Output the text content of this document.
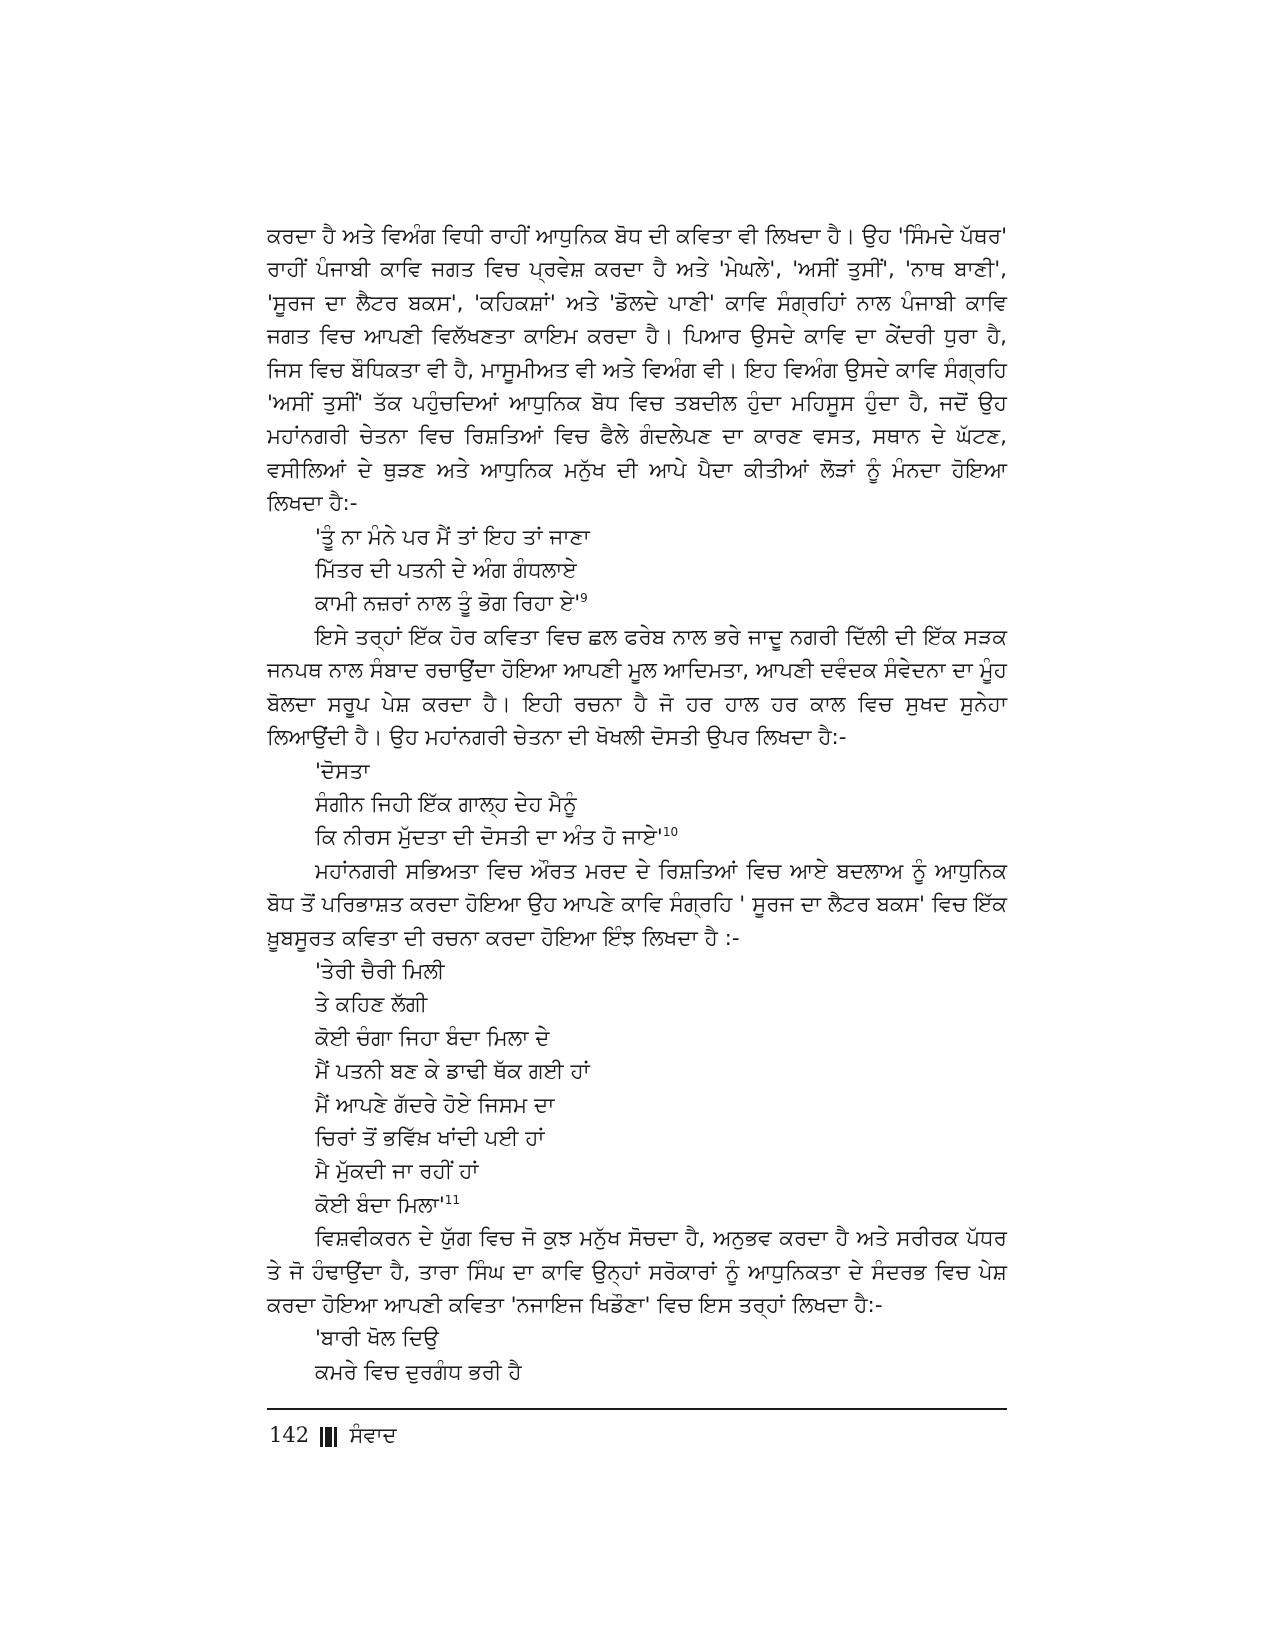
ਕਰਦਾ ਹੈ ਅਤੇ ਵਿਅੰਗ ਵਿਧੀ ਰਾਹੀਂ ਆਧੁਨਿਕ ਬੋਧ ਦੀ ਕਵਿਤਾ ਵੀ ਲਿਖਦਾ ਹੈ। ਉਹ 'ਸਿੰਮਦੇ ਪੱਥਰ' ਰਾਹੀਂ ਪੰਜਾਬੀ ਕਾਵਿ ਜਗਤ ਵਿਚ ਪ੍ਰਵੇਸ਼ ਕਰਦਾ ਹੈ ਅਤੇ 'ਮੇਘਲੇ', 'ਅਸੀਂ ਤੁਸੀਂ', 'ਨਾਥ ਬਾਣੀ', 'ਸੂਰਜ ਦਾ ਲੈਟਰ ਬਕਸ', 'ਕਹਿਕਸ਼ਾਂ' ਅਤੇ 'ਡੋਲਦੇ ਪਾਣੀ' ਕਾਵਿ ਸੰਗ੍ਰਹਿਾਂ ਨਾਲ ਪੰਜਾਬੀ ਕਾਵਿ ਜਗਤ ਵਿਚ ਆਪਣੀ ਵਿਲੱਖਣਤਾ ਕਾਇਮ ਕਰਦਾ ਹੈ। ਪਿਆਰ ਉਸਦੇ ਕਾਵਿ ਦਾ ਕੇਂਦਰੀ ਧੁਰਾ ਹੈ, ਜਿਸ ਵਿਚ ਬੌਧਿਕਤਾ ਵੀ ਹੈ, ਮਾਸੂਮੀਅਤ ਵੀ ਅਤੇ ਵਿਅੰਗ ਵੀ। ਇਹ ਵਿਅੰਗ ਉਸਦੇ ਕਾਵਿ ਸੰਗ੍ਰਹਿ 'ਅਸੀਂ ਤੁਸੀਂ' ਤੱਕ ਪਹੁੰਚਦਿਆਂ ਆਧੁਨਿਕ ਬੋਧ ਵਿਚ ਤਬਦੀਲ ਹੁੰਦਾ ਮਹਿਸੂਸ ਹੁੰਦਾ ਹੈ, ਜਦੋਂ ਉਹ ਮਹਾਂਨਗਰੀ ਚੇਤਨਾ ਵਿਚ ਰਿਸ਼ਤਿਆਂ ਵਿਚ ਫੈਲੇ ਗੰਦਲੇਪਣ ਦਾ ਕਾਰਣ ਵਸਤ, ਸਥਾਨ ਦੇ ਘੱਟਣ, ਵਸੀਲਿਆਂ ਦੇ ਥੁੜਣ ਅਤੇ ਆਧੁਨਿਕ ਮਨੁੱਖ ਦੀ ਆਪੇ ਪੈਦਾ ਕੀਤੀਆਂ ਲੋੜਾਂ ਨੂੰ ਮੰਨਦਾ ਹੋਇਆ ਲਿਖਦਾ ਹੈ:-

'ਤੂੰ ਨਾ ਮੰਨੇ ਪਰ ਮੈਂ ਤਾਂ ਇਹ ਤਾਂ ਜਾਣਾ
ਮਿੱਤਰ ਦੀ ਪਤਨੀ ਦੇ ਅੰਗ ਗੰਧਲਾਏ
ਕਾਮੀ ਨਜ਼ਰਾਂ ਨਾਲ ਤੂੰ ਭੋਗ ਰਿਹਾ $ਏ'^9$

ਇਸੇ ਤਰ੍ਹਾਂ ਇੱਕ ਹੋਰ ਕਵਿਤਾ ਵਿਚ ਛਲ ਫਰੇਬ ਨਾਲ ਭਰੇ ਜਾਦੂ ਨਗਰੀ ਦਿੱਲੀ ਦੀ ਇੱਕ ਸੜਕ ਜਨਪਥ ਨਾਲ ਸੰਬਾਦ ਰਚਾਉਂਦਾ ਹੋਇਆ ਆਪਣੀ ਮੂਲ ਆਦਿਮਤਾ, ਆਪਣੀ ਦਵੰਦਕ ਸੰਵੇਦਨਾ ਦਾ ਮੂੰਹ ਬੋਲਦਾ ਸਰੂਪ ਪੇਸ਼ ਕਰਦਾ ਹੈ। ਇਹੀ ਰਚਨਾ ਹੈ ਜੋ ਹਰ ਹਾਲ ਹਰ ਕਾਲ ਵਿਚ ਸੁਖਦ ਸੁਨੇਹਾ ਲਿਆਉਂਦੀ ਹੈ। ਉਹ ਮਹਾਂਨਗਰੀ ਚੇਤਨਾ ਦੀ ਖੋਖਲੀ ਦੋਸਤੀ ਉਪਰ ਲਿਖਦਾ ਹੈ:-

'ਦੋਸਤਾ
ਸੰਗੀਨ ਜਿਹੀ ਇੱਕ ਗਾਲ੍ਹ ਦੇਹ ਮੈਨੂੰ
ਕਿ ਨੀਰਸ ਮੁੱਦਤਾ ਦੀ ਦੋਸਤੀ ਦਾ ਅੰਤ ਹੋ $ਜਾਏ'^{10}$

ਮਹਾਂਨਗਰੀ ਸਭਿਅਤਾ ਵਿਚ ਔਰਤ ਮਰਦ ਦੇ ਰਿਸ਼ਤਿਆਂ ਵਿਚ ਆਏ ਬਦਲਾਅ ਨੂੰ ਆਧੁਨਿਕ ਬੋਧ ਤੋਂ ਪਰਿਭਾਸ਼ਤ ਕਰਦਾ ਹੋਇਆ ਉਹ ਆਪਣੇ ਕਾਵਿ ਸੰਗ੍ਰਹਿ ' ਸੂਰਜ ਦਾ ਲੈਟਰ ਬਕਸ' ਵਿਚ ਇੱਕ ਖ਼ੂਬਸੂਰਤ ਕਵਿਤਾ ਦੀ ਰਚਨਾ ਕਰਦਾ ਹੋਇਆ ਇੰਝ ਲਿਖਦਾ ਹੈ :-

'ਤੇਰੀ ਚੈਰੀ ਮਿਲੀ
ਤੇ ਕਹਿਣ ਲੱਗੀ
ਕੋਈ ਚੰਗਾ ਜਿਹਾ ਬੰਦਾ ਮਿਲਾ ਦੇ
ਮੈਂ ਪਤਨੀ ਬਣ ਕੇ ਡਾਢੀ ਥੱਕ ਗਈ ਹਾਂ
ਮੈਂ ਆਪਣੇ ਗੱਦਰੇ ਹੋਏ ਜਿਸਮ ਦਾ
ਚਿਰਾਂ ਤੋਂ ਭਵਿੱਖ਼ ਖਾਂਦੀ ਪਈ ਹਾਂ
ਮੈ ਮੁੱਕਦੀ ਜਾ ਰਹੀਂ ਹਾਂ
ਕੋਈ ਬੰਦਾ $ਮਿਲਾ'^{11}$

ਵਿਸ਼ਵੀਕਰਨ ਦੇ ਯੁੱਗ ਵਿਚ ਜੋ ਕੁਝ ਮਨੁੱਖ ਸੋਚਦਾ ਹੈ, ਅਨੁਭਵ ਕਰਦਾ ਹੈ ਅਤੇ ਸਰੀਰਕ ਪੱਧਰ ਤੇ ਜੋ ਹੰਢਾਉਂਦਾ ਹੈ, ਤਾਰਾ ਸਿੰਘ ਦਾ ਕਾਵਿ ਉਨ੍ਹਾਂ ਸਰੋਕਾਰਾਂ ਨੂੰ ਆਧੁਨਿਕਤਾ ਦੇ ਸੰਦਰਭ ਵਿਚ ਪੇਸ਼ ਕਰਦਾ ਹੋਇਆ ਆਪਣੀ ਕਵਿਤਾ 'ਨਜਾਇਜ ਖਿਡੌਣਾ' ਵਿਚ ਇਸ ਤਰ੍ਹਾਂ ਲਿਖਦਾ ਹੈ:-

'ਬਾਰੀ ਖੋਲ ਦਿਉ
ਕਮਰੇ ਵਿਚ ਦੁਰਗੰਧ ਭਰੀ ਹੈ
142 ਸੰਵਾਦ
